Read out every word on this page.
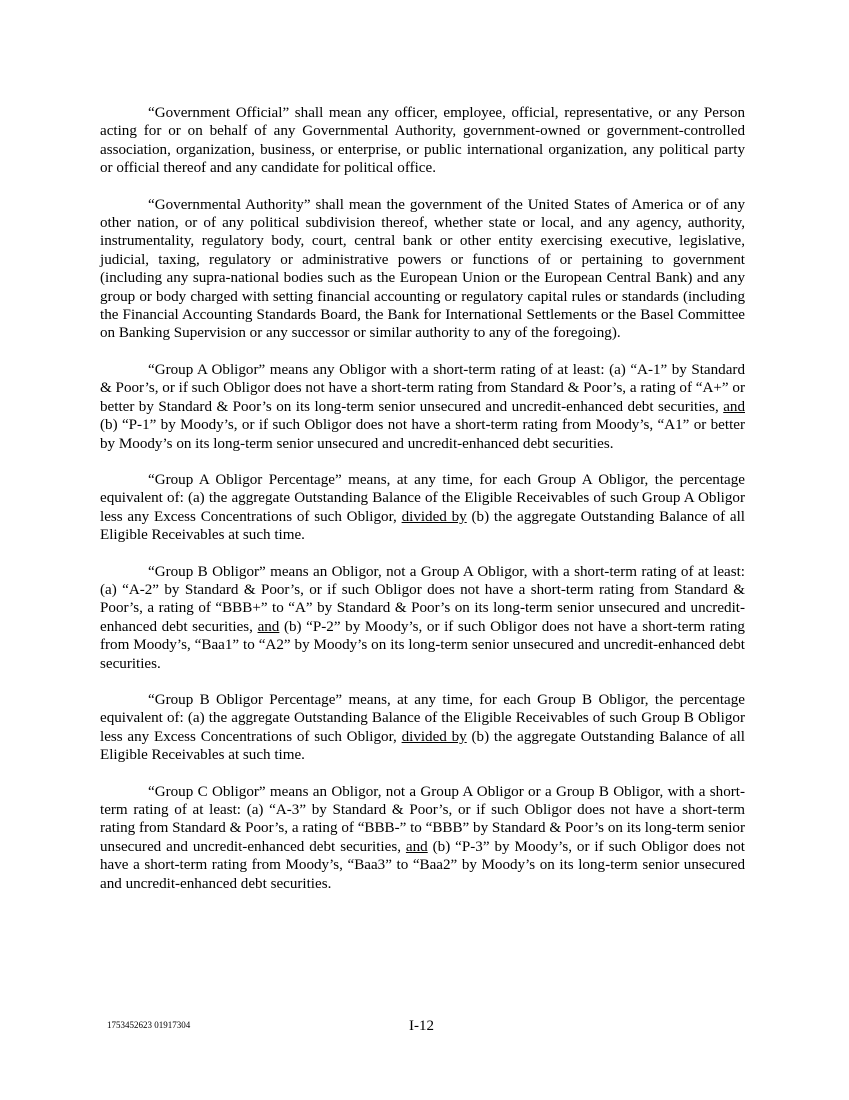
“Government Official” shall mean any officer, employee, official, representative, or any Person acting for or on behalf of any Governmental Authority, government-owned or government-controlled association, organization, business, or enterprise, or public international organization, any political party or official thereof and any candidate for political office.

“Governmental Authority” shall mean the government of the United States of America or of any other nation, or of any political subdivision thereof, whether state or local, and any agency, authority, instrumentality, regulatory body, court, central bank or other entity exercising executive, legislative, judicial, taxing, regulatory or administrative powers or functions of or pertaining to government (including any supra-national bodies such as the European Union or the European Central Bank) and any group or body charged with setting financial accounting or regulatory capital rules or standards (including the Financial Accounting Standards Board, the Bank for International Settlements or the Basel Committee on Banking Supervision or any successor or similar authority to any of the foregoing).

“Group A Obligor” means any Obligor with a short-term rating of at least: (a) “A-1” by Standard & Poor’s, or if such Obligor does not have a short-term rating from Standard & Poor’s, a rating of “A+” or better by Standard & Poor’s on its long-term senior unsecured and uncredit-enhanced debt securities, and (b) “P-1” by Moody’s, or if such Obligor does not have a short-term rating from Moody’s, “A1” or better by Moody’s on its long-term senior unsecured and uncredit-enhanced debt securities.

“Group A Obligor Percentage” means, at any time, for each Group A Obligor, the percentage equivalent of: (a) the aggregate Outstanding Balance of the Eligible Receivables of such Group A Obligor less any Excess Concentrations of such Obligor, divided by (b) the aggregate Outstanding Balance of all Eligible Receivables at such time.

“Group B Obligor” means an Obligor, not a Group A Obligor, with a short-term rating of at least: (a) “A-2” by Standard & Poor’s, or if such Obligor does not have a short-term rating from Standard & Poor’s, a rating of “BBB+” to “A” by Standard & Poor’s on its long-term senior unsecured and uncredit-enhanced debt securities, and (b) “P-2” by Moody’s, or if such Obligor does not have a short-term rating from Moody’s, “Baa1” to “A2” by Moody’s on its long-term senior unsecured and uncredit-enhanced debt securities.

“Group B Obligor Percentage” means, at any time, for each Group B Obligor, the percentage equivalent of: (a) the aggregate Outstanding Balance of the Eligible Receivables of such Group B Obligor less any Excess Concentrations of such Obligor, divided by (b) the aggregate Outstanding Balance of all Eligible Receivables at such time.

“Group C Obligor” means an Obligor, not a Group A Obligor or a Group B Obligor, with a short-term rating of at least: (a) “A-3” by Standard & Poor’s, or if such Obligor does not have a short-term rating from Standard & Poor’s, a rating of “BBB-” to “BBB” by Standard & Poor’s on its long-term senior unsecured and uncredit-enhanced debt securities, and (b) “P-3” by Moody’s, or if such Obligor does not have a short-term rating from Moody’s, “Baa3” to “Baa2” by Moody’s on its long-term senior unsecured and uncredit-enhanced debt securities.

1753452623 01917304	I-12
